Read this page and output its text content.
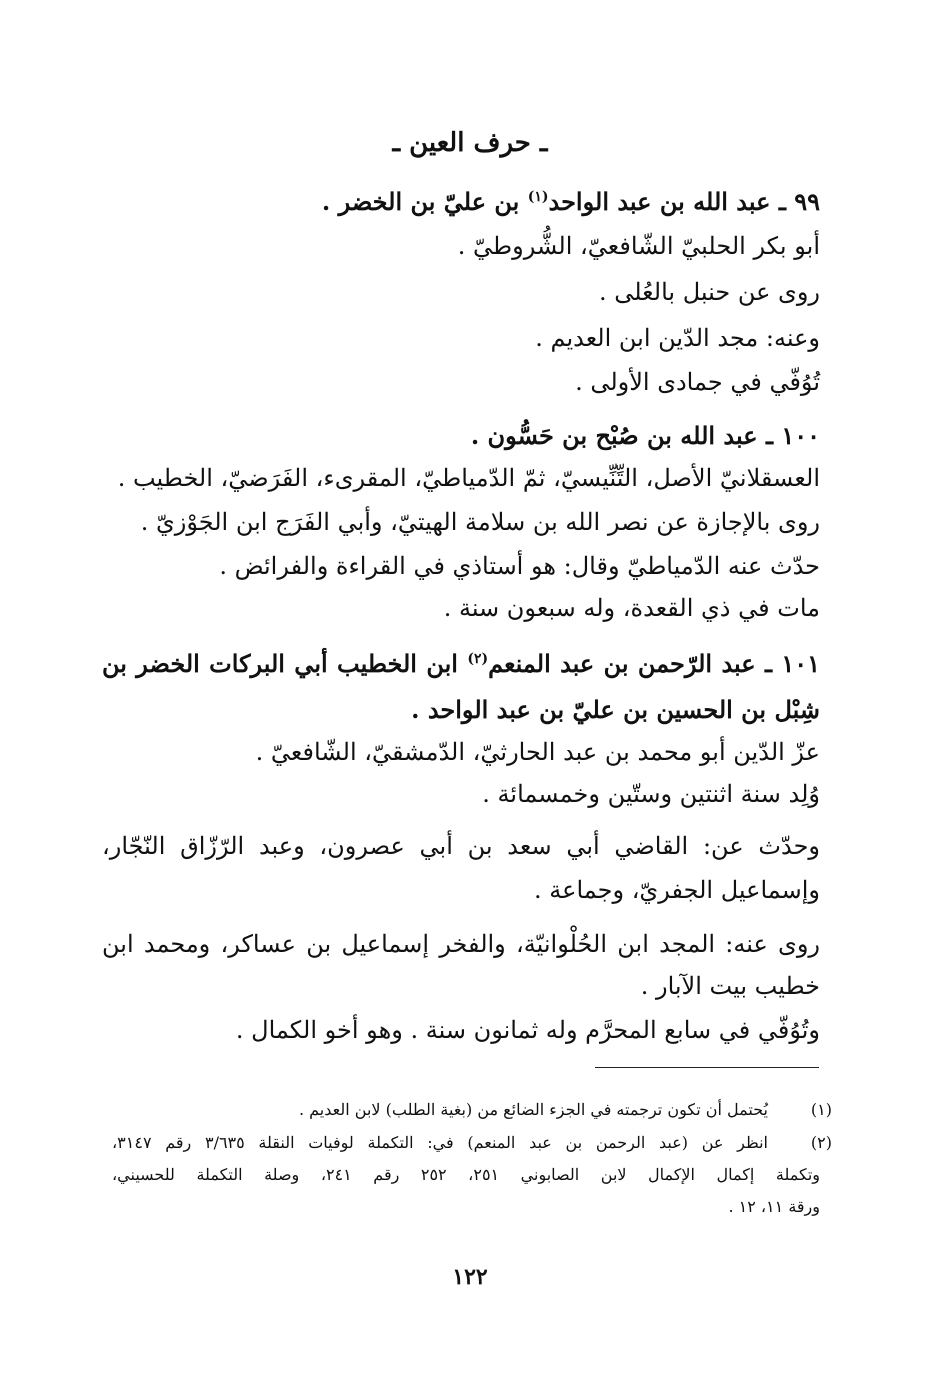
ـ حرف العين ـ
٩٩ ـ عبد الله بن عبد الواحد$^{(١)}$ بن عليّ بن الخضر .
أبو بكر الحلبيّ الشّافعيّ، الشُّروطيّ .
روى عن حنبل بالعُلى .
وعنه: مجد الدّين ابن العديم .
تُوُفّي في جمادى الأولى .
١٠٠ ـ عبد الله بن صُبْح بن حَسُّون .
العسقلانيّ الأصل، التِّنِّيسيّ، ثمّ الدّمياطيّ، المقرىء، الفَرَضيّ، الخطيب .
روى بالإجازة عن نصر الله بن سلامة الهيتيّ، وأبي الفَرَج ابن الجَوْزيّ .
حدّث عنه الدّمياطيّ وقال: هو أستاذي في القراءة والفرائض .
مات في ذي القعدة، وله سبعون سنة .
١٠١ ـ عبد الرّحمن بن عبد المنعم$^{(٢)}$ ابن الخطيب أبي البركات الخضر بن
شِبْل بن الحسين بن عليّ بن عبد الواحد .
عزّ الدّين أبو محمد بن عبد الحارثيّ، الدّمشقيّ، الشّافعيّ .
وُلِد سنة اثنتين وستّين وخمسمائة .
وحدّث عن: القاضي أبي سعد بن أبي عصرون، وعبد الرّزّاق النّجّار،
وإسماعيل الجفريّ، وجماعة .
روى عنه: المجد ابن الحُلْوانيّة، والفخر إسماعيل بن عساكر، ومحمد ابن
خطيب بيت الآبار .
وتُوُفّي في سابع المحرَّم وله ثمانون سنة . وهو أخو الكمال .
(١)
يُحتمل أن تكون ترجمته في الجزء الضائع من (بغية الطلب) لابن العديم .
(٢)
انظر عن (عبد الرحمن بن عبد المنعم) في: التكملة لوفيات النقلة ٣/٦٣٥ رقم ٣١٤٧،
وتكملة إكمال الإكمال لابن الصابوني ٢٥١، ٢٥٢ رقم ٢٤١، وصلة التكملة للحسيني،
ورقة ١١، ١٢ .
١٢٢
